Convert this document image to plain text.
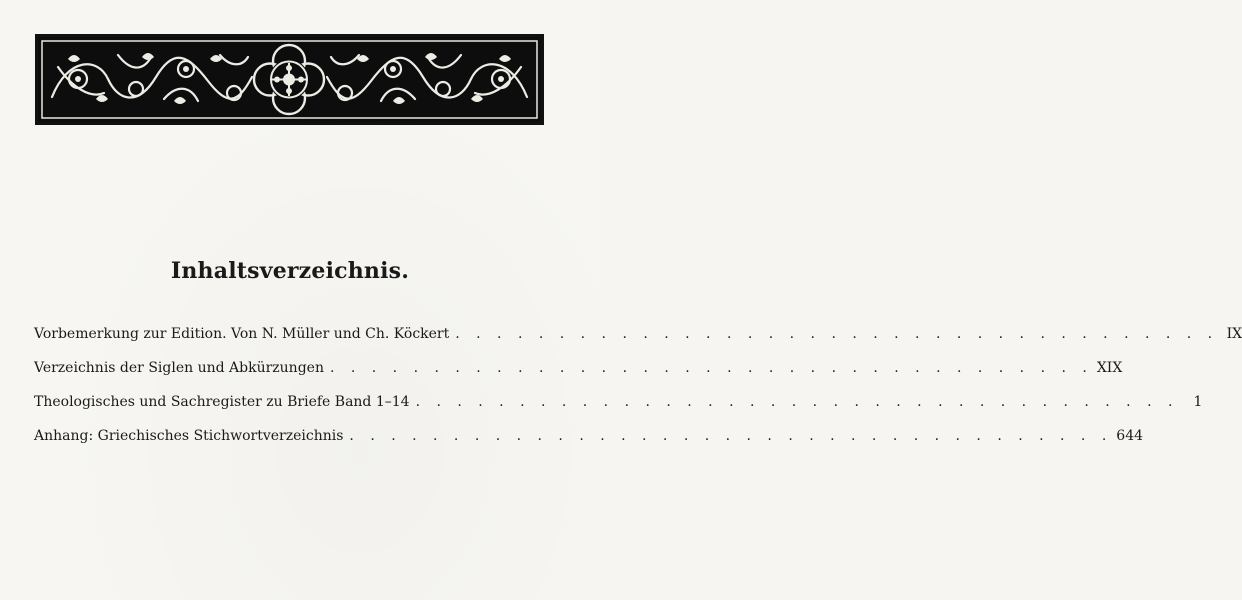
Inhaltsverzeichnis.
Vorbemerkung zur Edition. Von N. Müller und Ch. Köckert . . . . . . . . . . . . . . . . . . . . . . . . . . . . . . . . . . . . . IX
Verzeichnis der Siglen und Abkürzungen . . . . . . . . . . . . . . . . . . . . . . . . . . . . . . . . . . . . . XIX
Theologisches und Sachregister zu Briefe Band 1–14 . . . . . . . . . . . . . . . . . . . . . . . . . . . . . . . . . . . . .	1
Anhang: Griechisches Stichwortverzeichnis . . . . . . . . . . . . . . . . . . . . . . . . . . . . . . . . . . . . . 644
